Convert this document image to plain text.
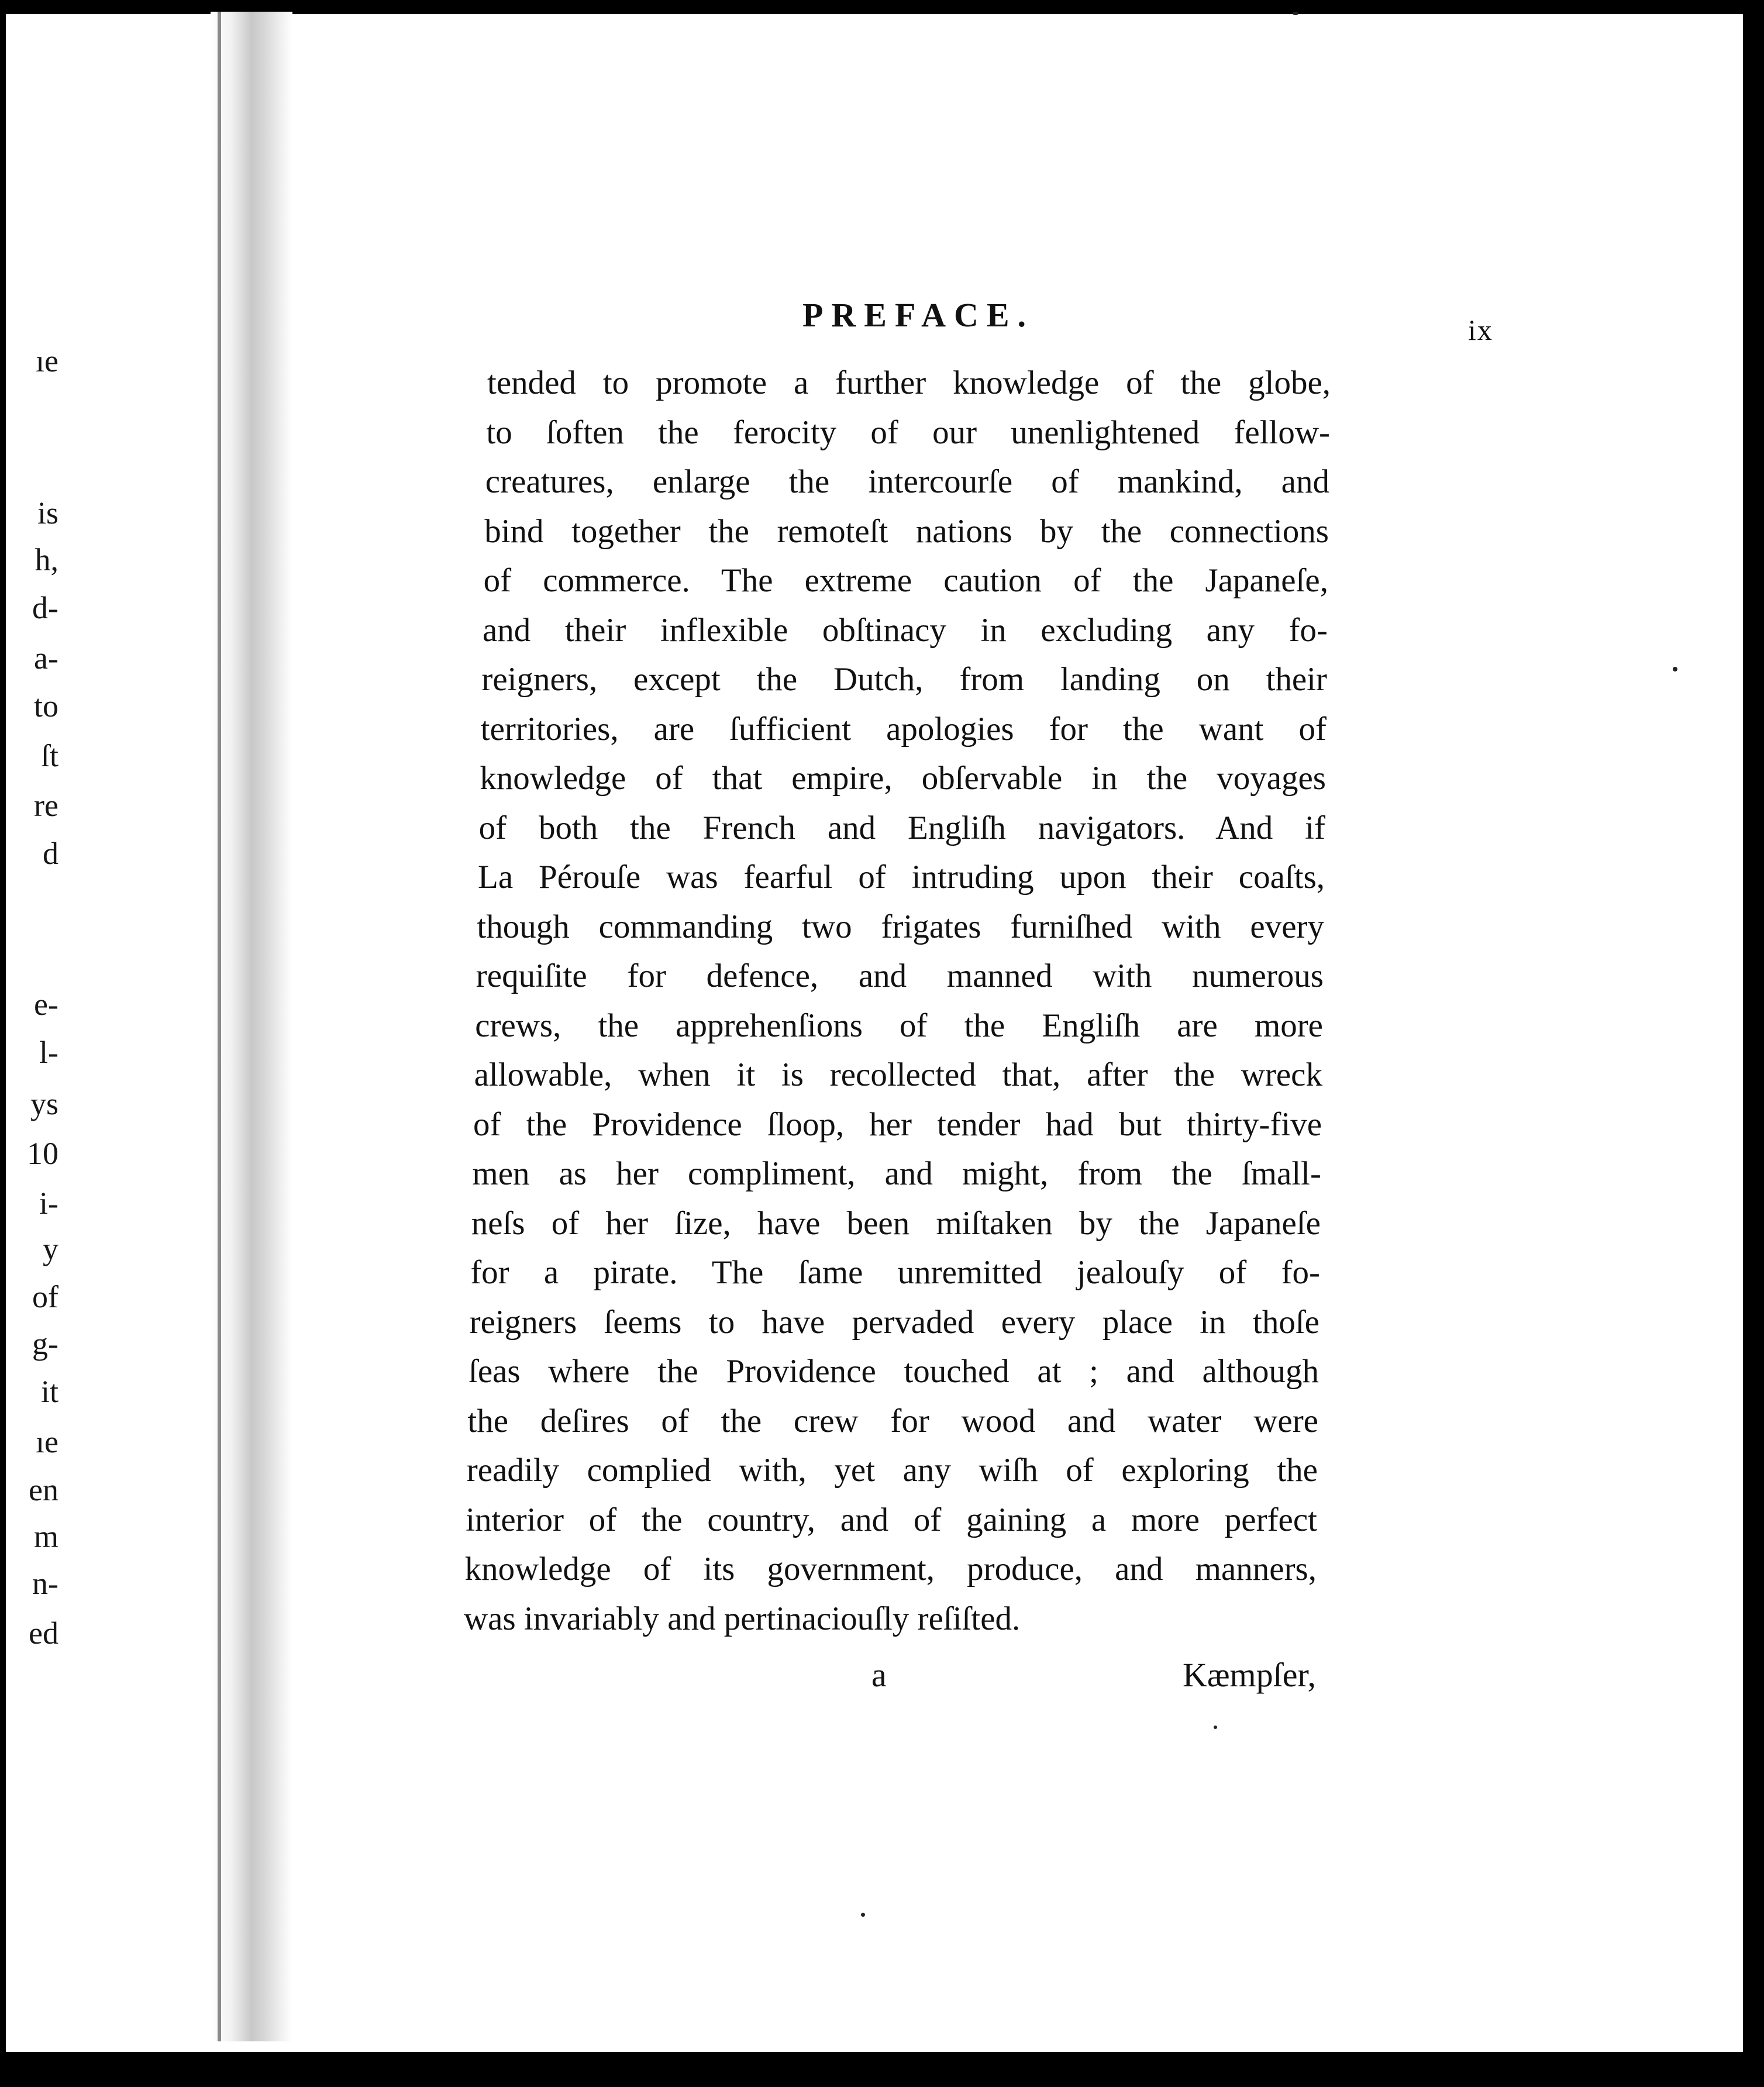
ıe
is
h,
d-
a-
to
ſt
re
d
e-
l-
ys
10
i-
y
of
g-
it
ıe
en
m
n-
ed
PREFACE.	ix
tended to promote a further knowledge of the globe,
to ſoften the ferocity of our unenlightened fellow-
creatures, enlarge the intercourſe of mankind, and
bind together the remoteſt nations by the connections
of commerce. The extreme caution of the Japaneſe,
and their inflexible obſtinacy in excluding any fo-
reigners, except the Dutch, from landing on their
territories, are ſufficient apologies for the want of
knowledge of that empire, obſervable in the voyages
of both the French and Engliſh navigators. And if
La Pérouſe was fearful of intruding upon their coaſts,
though commanding two frigates furniſhed with every
requiſite for defence, and manned with numerous
crews, the apprehenſions of the Engliſh are more
allowable, when it is recollected that, after the wreck
of the Providence ſloop, her tender had but thirty-five
men as her compliment, and might, from the ſmall-
neſs of her ſize, have been miſtaken by the Japaneſe
for a pirate. The ſame unremitted jealouſy of fo-
reigners ſeems to have pervaded every place in thoſe
ſeas where the Providence touched at ; and although
the deſires of the crew for wood and water were
readily complied with, yet any wiſh of exploring the
interior of the country, and of gaining a more perfect
knowledge of its government, produce, and manners,
was invariably and pertinaciouſly reſiſted.
a	Kæmpſer,
